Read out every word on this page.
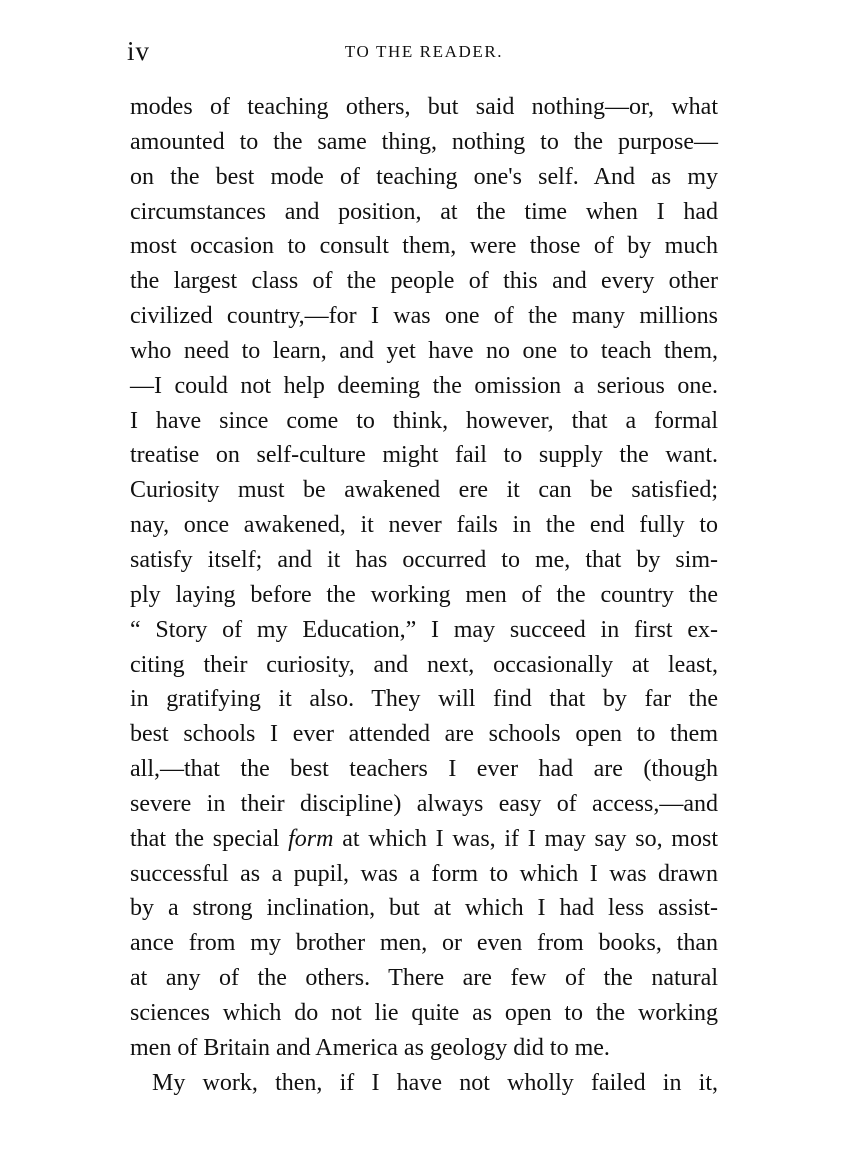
iv	TO THE READER.
modes of teaching others, but said nothing—or, what
amounted to the same thing, nothing to the purpose—
on the best mode of teaching one's self. And as my
circumstances and position, at the time when I had
most occasion to consult them, were those of by much
the largest class of the people of this and every other
civilized country,—for I was one of the many millions
who need to learn, and yet have no one to teach them,
—I could not help deeming the omission a serious one.
I have since come to think, however, that a formal
treatise on self-culture might fail to supply the want.
Curiosity must be awakened ere it can be satisfied;
nay, once awakened, it never fails in the end fully to
satisfy itself; and it has occurred to me, that by sim-
ply laying before the working men of the country the
“ Story of my Education,” I may succeed in first ex-
citing their curiosity, and next, occasionally at least,
in gratifying it also. They will find that by far the
best schools I ever attended are schools open to them
all,—that the best teachers I ever had are (though
severe in their discipline) always easy of access,—and
that the special form at which I was, if I may say so, most
successful as a pupil, was a form to which I was drawn
by a strong inclination, but at which I had less assist-
ance from my brother men, or even from books, than
at any of the others. There are few of the natural
sciences which do not lie quite as open to the working
men of Britain and America as geology did to me.
My work, then, if I have not wholly failed in it,
